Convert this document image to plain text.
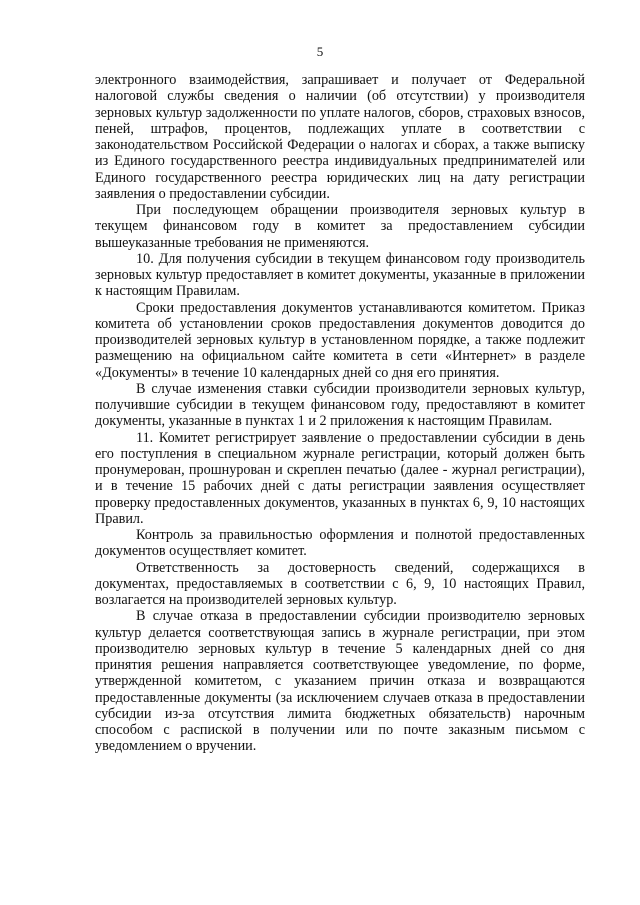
5

электронного взаимодействия, запрашивает и получает от Федеральной налоговой службы сведения о наличии (об отсутствии) у производителя зерновых культур задолженности по уплате налогов, сборов, страховых взносов, пеней, штрафов, процентов, подлежащих уплате в соответствии с законодательством Российской Федерации о налогах и сборах, а также выписку из Единого государственного реестра индивидуальных предпринимателей или Единого государственного реестра юридических лиц на дату регистрации заявления о предоставлении субсидии.

При последующем обращении производителя зерновых культур в текущем финансовом году в комитет за предоставлением субсидии вышеуказанные требования не применяются.

10. Для получения субсидии в текущем финансовом году производитель зерновых культур предоставляет в комитет документы, указанные в приложении к настоящим Правилам.

Сроки предоставления документов устанавливаются комитетом. Приказ комитета об установлении сроков предоставления документов доводится до производителей зерновых культур в установленном порядке, а также подлежит размещению на официальном сайте комитета в сети «Интернет» в разделе «Документы» в течение 10 календарных дней со дня его принятия.

В случае изменения ставки субсидии производители зерновых культур, получившие субсидии в текущем финансовом году, предоставляют в комитет документы, указанные в пунктах 1 и 2 приложения к настоящим Правилам.

11. Комитет регистрирует заявление о предоставлении субсидии в день его поступления в специальном журнале регистрации, который должен быть пронумерован, прошнурован и скреплен печатью (далее - журнал регистрации), и в течение 15 рабочих дней с даты регистрации заявления осуществляет проверку предоставленных документов, указанных в пунктах 6, 9, 10 настоящих Правил.

Контроль за правильностью оформления и полнотой предоставленных документов осуществляет комитет.

Ответственность за достоверность сведений, содержащихся в документах, предоставляемых в соответствии с 6, 9, 10 настоящих Правил, возлагается на производителей зерновых культур.

В случае отказа в предоставлении субсидии производителю зерновых культур делается соответствующая запись в журнале регистрации, при этом производителю зерновых культур в течение 5 календарных дней со дня принятия решения направляется соответствующее уведомление, по форме, утвержденной комитетом, с указанием причин отказа и возвращаются предоставленные документы (за исключением случаев отказа в предоставлении субсидии из-за отсутствия лимита бюджетных обязательств) нарочным способом с распиской в получении или по почте заказным письмом с уведомлением о вручении.
